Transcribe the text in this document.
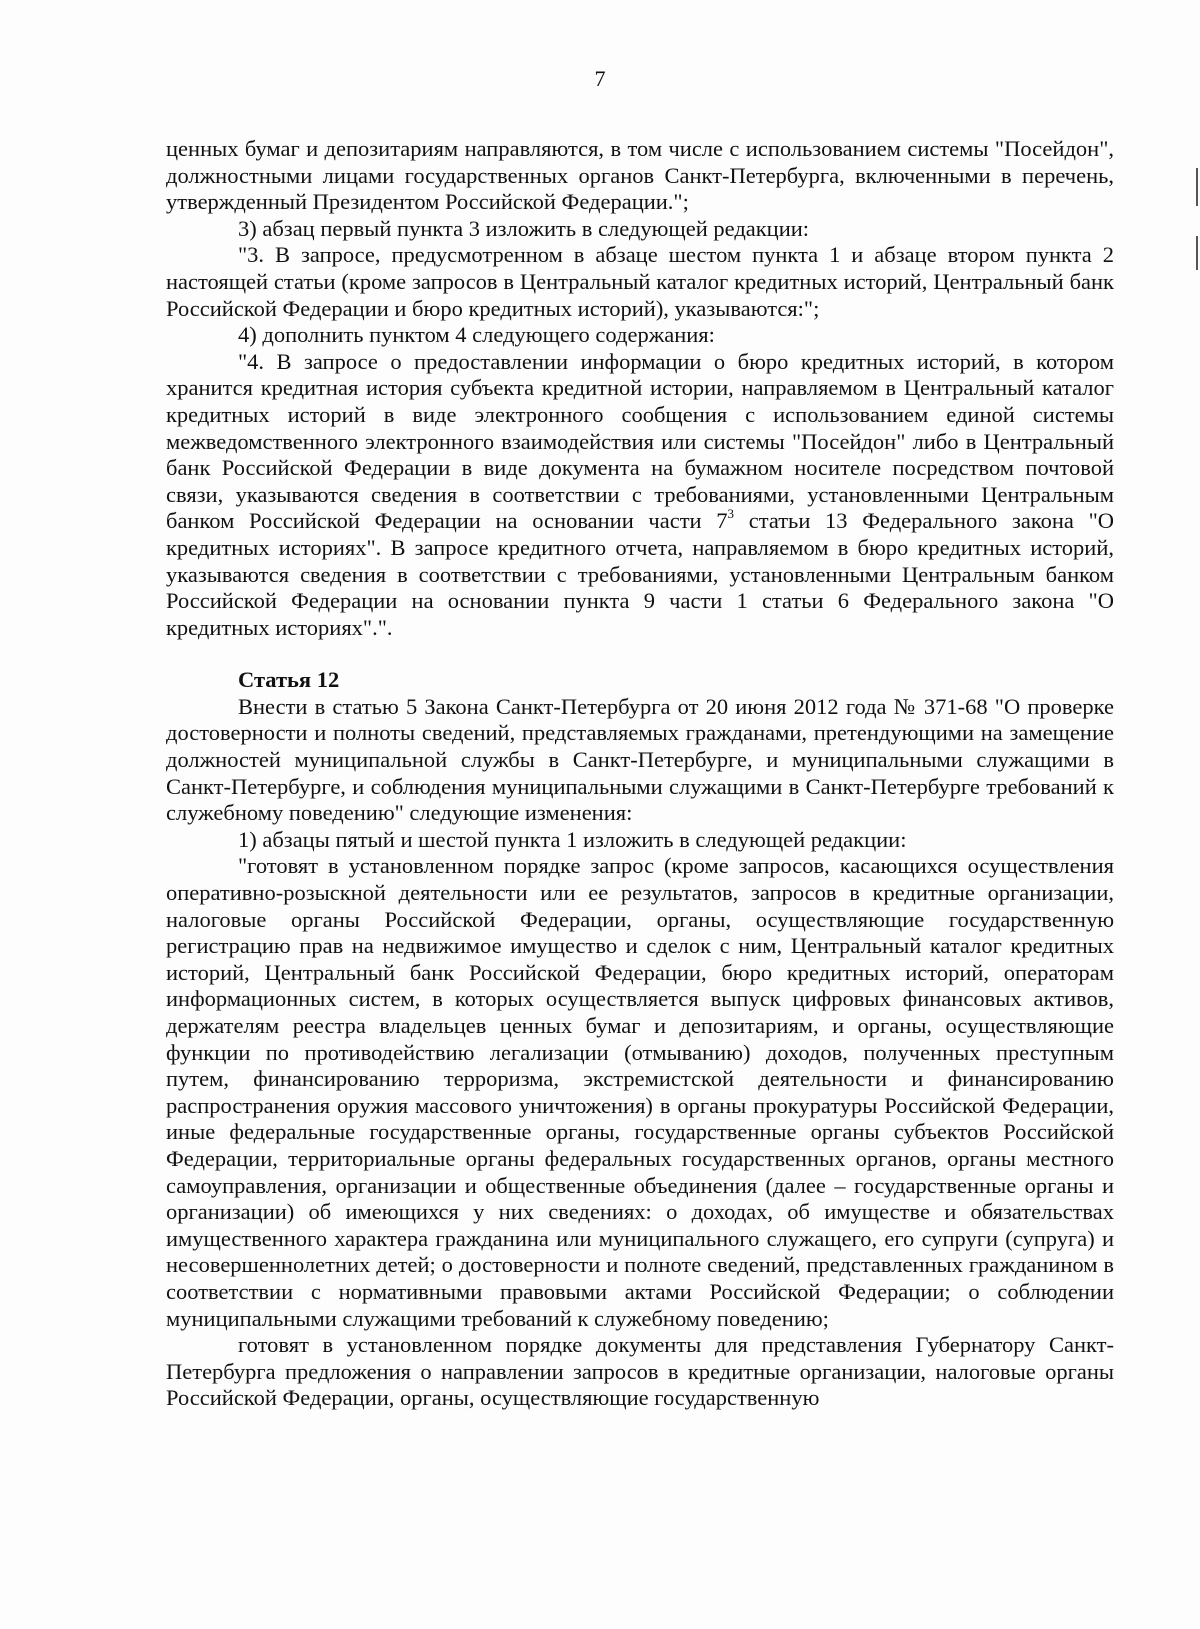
7

ценных бумаг и депозитариям направляются, в том числе с использованием системы "Посейдон", должностными лицами государственных органов Санкт-Петербурга, включенными в перечень, утвержденный Президентом Российской Федерации.";

3) абзац первый пункта 3 изложить в следующей редакции:

"3. В запросе, предусмотренном в абзаце шестом пункта 1 и абзаце втором пункта 2 настоящей статьи (кроме запросов в Центральный каталог кредитных историй, Центральный банк Российской Федерации и бюро кредитных историй), указываются:";

4) дополнить пунктом 4 следующего содержания:

"4. В запросе о предоставлении информации о бюро кредитных историй, в котором хранится кредитная история субъекта кредитной истории, направляемом в Центральный каталог кредитных историй в виде электронного сообщения с использованием единой системы межведомственного электронного взаимодействия или системы "Посейдон" либо в Центральный банк Российской Федерации в виде документа на бумажном носителе посредством почтовой связи, указываются сведения в соответствии с требованиями, установленными Центральным банком Российской Федерации на основании части $7^3$ статьи 13 Федерального закона "О кредитных историях". В запросе кредитного отчета, направляемом в бюро кредитных историй, указываются сведения в соответствии с требованиями, установленными Центральным банком Российской Федерации на основании пункта 9 части 1 статьи 6 Федерального закона "О кредитных историях".".

Статья 12

Внести в статью 5 Закона Санкт-Петербурга от 20 июня 2012 года № 371-68 "О проверке достоверности и полноты сведений, представляемых гражданами, претендующими на замещение должностей муниципальной службы в Санкт-Петербурге, и муниципальными служащими в Санкт-Петербурге, и соблюдения муниципальными служащими в Санкт-Петербурге требований к служебному поведению" следующие изменения:

1) абзацы пятый и шестой пункта 1 изложить в следующей редакции:

"готовят в установленном порядке запрос (кроме запросов, касающихся осуществления оперативно-розыскной деятельности или ее результатов, запросов в кредитные организации, налоговые органы Российской Федерации, органы, осуществляющие государственную регистрацию прав на недвижимое имущество и сделок с ним, Центральный каталог кредитных историй, Центральный банк Российской Федерации, бюро кредитных историй, операторам информационных систем, в которых осуществляется выпуск цифровых финансовых активов, держателям реестра владельцев ценных бумаг и депозитариям, и органы, осуществляющие функции по противодействию легализации (отмыванию) доходов, полученных преступным путем, финансированию терроризма, экстремистской деятельности и финансированию распространения оружия массового уничтожения) в органы прокуратуры Российской Федерации, иные федеральные государственные органы, государственные органы субъектов Российской Федерации, территориальные органы федеральных государственных органов, органы местного самоуправления, организации и общественные объединения (далее – государственные органы и организации) об имеющихся у них сведениях: о доходах, об имуществе и обязательствах имущественного характера гражданина или муниципального служащего, его супруги (супруга) и несовершеннолетних детей; о достоверности и полноте сведений, представленных гражданином в соответствии с нормативными правовыми актами Российской Федерации; о соблюдении муниципальными служащими требований к служебному поведению;

готовят в установленном порядке документы для представления Губернатору Санкт-Петербурга предложения о направлении запросов в кредитные организации, налоговые органы Российской Федерации, органы, осуществляющие государственную
